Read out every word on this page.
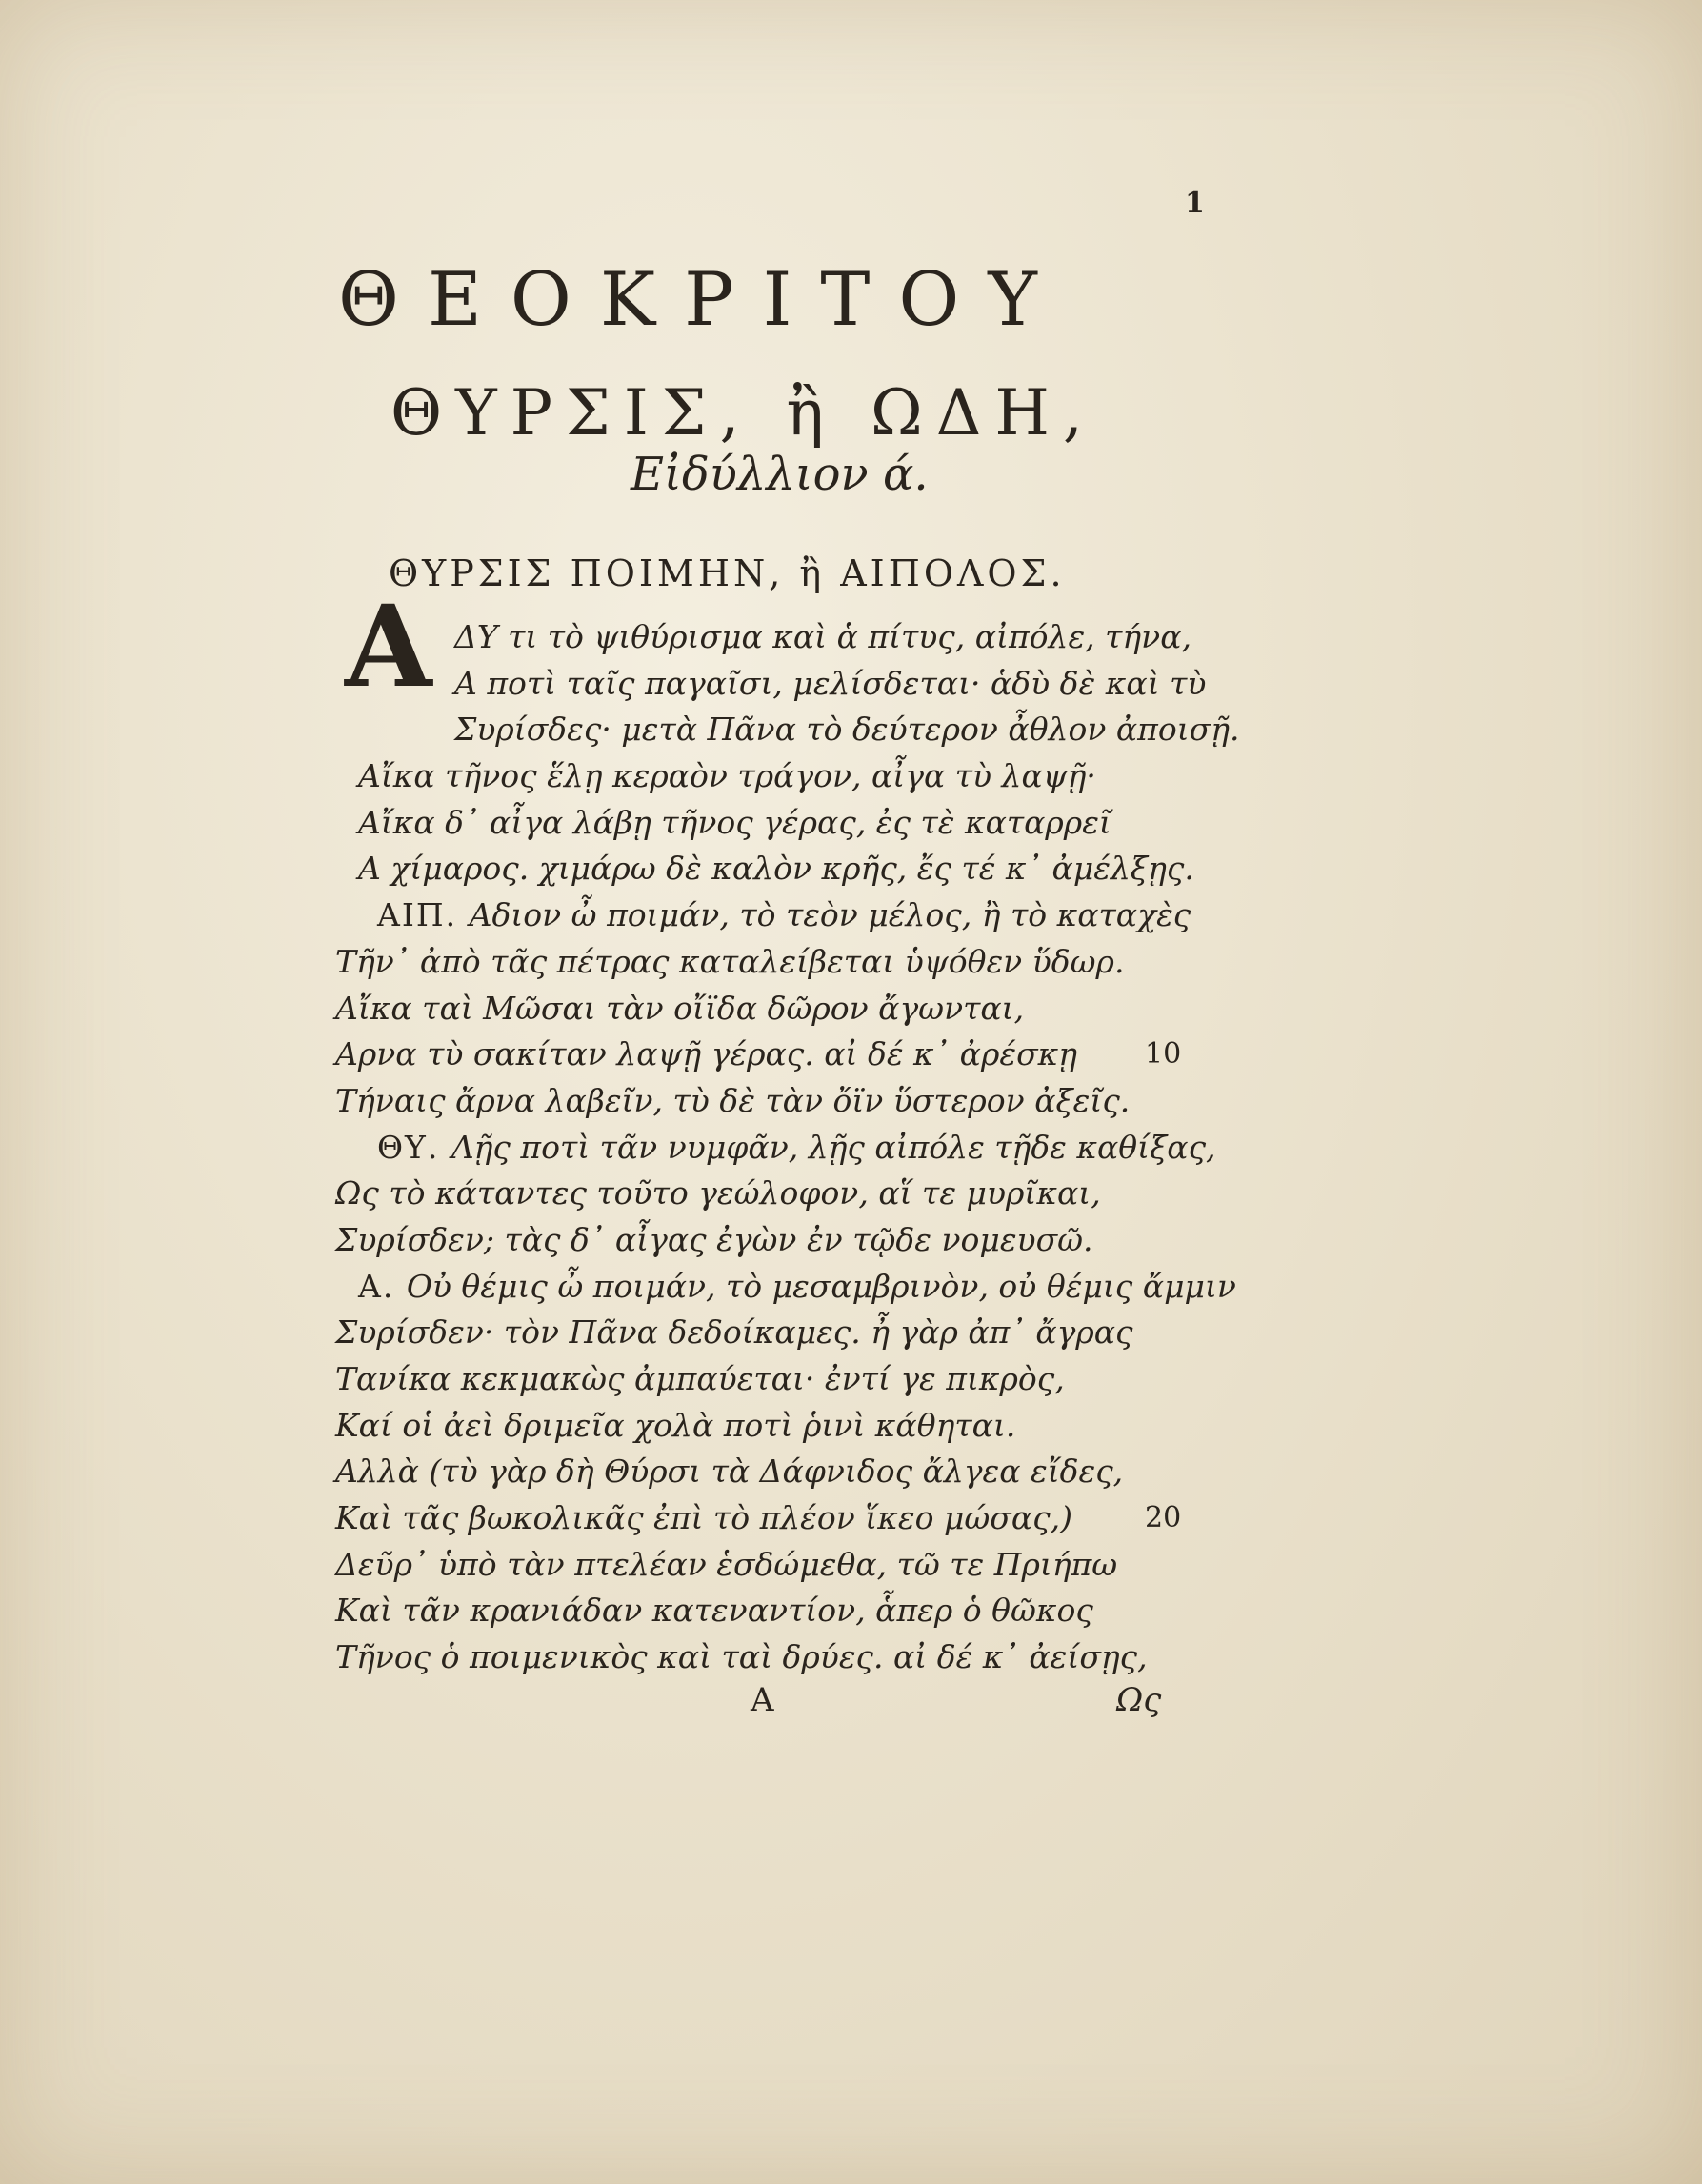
1
ΘΕΟΚΡΙΤΟΥ
ΘΥΡΣΙΣ, ἢ ΩΔΗ,
Εἰδύλλιον ά.
ΘΥΡΣΙΣ ΠΟΙΜΗΝ, ἢ ΑΙΠΟΛΟΣ.
Α ΔΥ τι τὸ ψιθύρισμα καὶ ἁ πίτυς, αἰπόλε, τήνα,
Α ποτὶ ταῖς παγαῖσι, μελίσδεται· ἁδὺ δὲ καὶ τὺ
Συρίσδες· μετὰ Πᾶνα τὸ δεύτερον ἆθλον ἀποισῇ.
Αἴκα τῆνος ἕλῃ κεραὸν τράγον, αἶγα τὺ λαψῇ·
Αἴκα δ᾽ αἶγα λάβῃ τῆνος γέρας, ἐς τὲ καταρρεῖ
Α χίμαρος. χιμάρω δὲ καλὸν κρῆς, ἔς τέ κ᾽ ἀμέλξῃς.
ΑΙΠ. Αδιον ὦ ποιμάν, τὸ τεὸν μέλος, ἢ τὸ καταχὲς
Τῆν᾽ ἀπὸ τᾶς πέτρας καταλείβεται ὑψόθεν ὕδωρ.
Αἴκα ταὶ Μῶσαι τὰν οἴϊδα δῶρον ἄγωνται,
Αρνα τὺ σακίταν λαψῇ γέρας. αἰ δέ κ᾽ ἀρέσκῃ 10
Τήναις ἄρνα λαβεῖν, τὺ δὲ τὰν ὄϊν ὕστερον ἀξεῖς.
ΘΥ. Λῇς ποτὶ τᾶν νυμφᾶν, λῇς αἰπόλε τῇδε καθίξας,
Ως τὸ κάταντες τοῦτο γεώλοφον, αἵ τε μυρῖκαι,
Συρίσδεν; τὰς δ᾽ αἶγας ἐγὼν ἐν τῷδε νομευσῶ.
Α. Οὐ θέμις ὦ ποιμάν, τὸ μεσαμβρινὸν, οὐ θέμις ἄμμιν
Συρίσδεν· τὸν Πᾶνα δεδοίκαμες. ἦ γὰρ ἀπ᾽ ἄγρας
Τανίκα κεκμακὼς ἀμπαύεται· ἐντί γε πικρὸς,
Καί οἱ ἀεὶ δριμεῖα χολὰ ποτὶ ῥινὶ κάθηται.
Αλλὰ (τὺ γὰρ δὴ Θύρσι τὰ Δάφνιδος ἄλγεα εἴδες,
Καὶ τᾶς βωκολικᾶς ἐπὶ τὸ πλέον ἵκεο μώσας,)	20
Δεῦρ᾽ ὑπὸ τὰν πτελέαν ἑσδώμεθα, τῶ τε Πριήπω
Καὶ τᾶν κρανιάδαν κατεναντίον, ἇπερ ὁ θῶκος
Τῆνος ὁ ποιμενικὸς καὶ ταὶ δρύες. αἰ δέ κ᾽ ἀείσῃς,
A	Ως
